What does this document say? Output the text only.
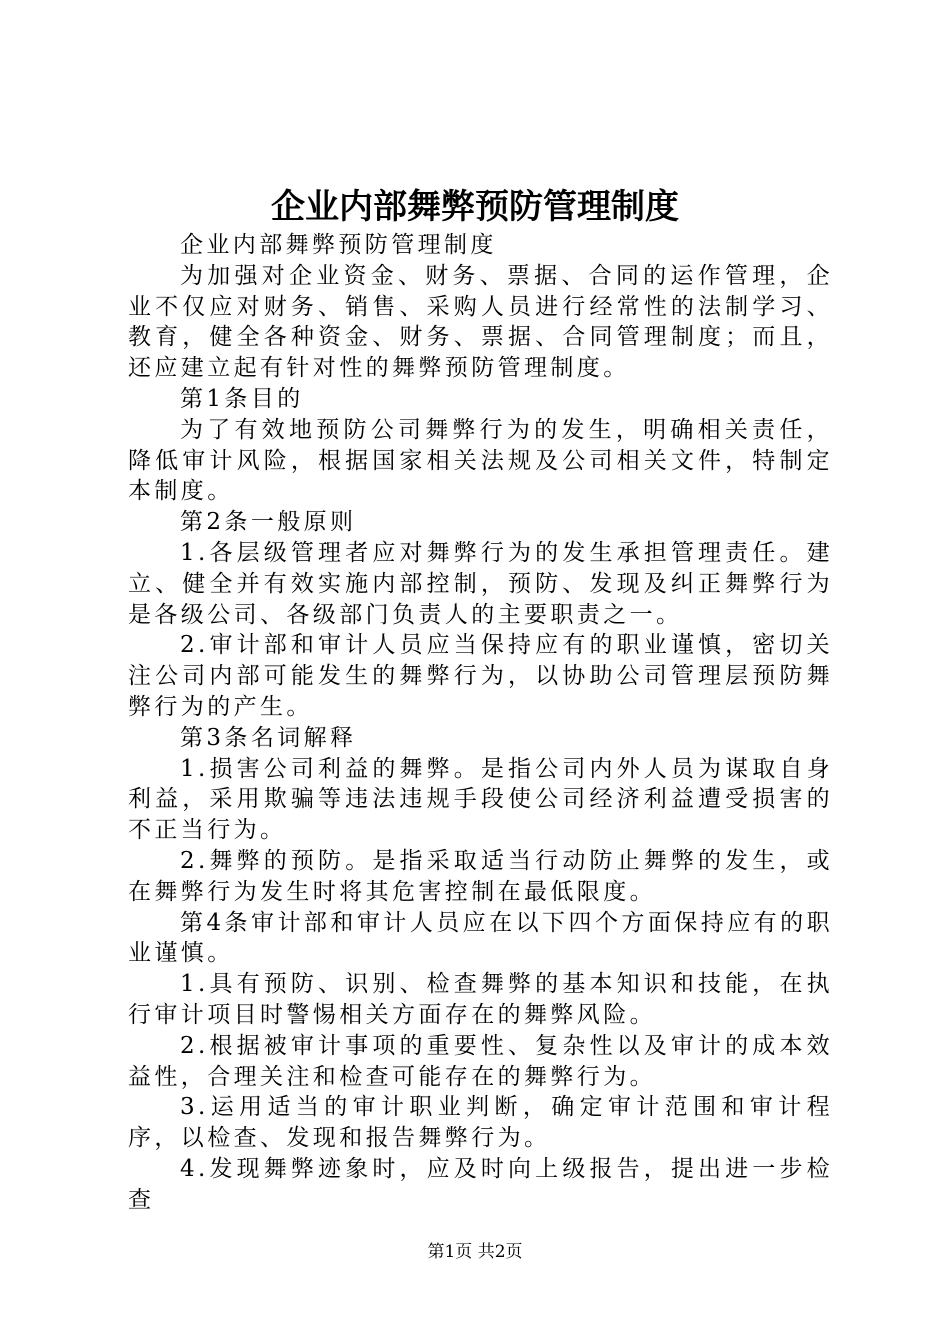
企业内部舞弊预防管理制度

企业内部舞弊预防管理制度

为加强对企业资金、财务、票据、合同的运作管理，企业不仅应对财务、销售、采购人员进行经常性的法制学习、教育，健全各种资金、财务、票据、合同管理制度；而且，还应建立起有针对性的舞弊预防管理制度。

第1条目的

为了有效地预防公司舞弊行为的发生，明确相关责任，降低审计风险，根据国家相关法规及公司相关文件，特制定本制度。

第2条一般原则

1.各层级管理者应对舞弊行为的发生承担管理责任。建立、健全并有效实施内部控制，预防、发现及纠正舞弊行为是各级公司、各级部门负责人的主要职责之一。

2.审计部和审计人员应当保持应有的职业谨慎，密切关注公司内部可能发生的舞弊行为，以协助公司管理层预防舞弊行为的产生。

第3条名词解释

1.损害公司利益的舞弊。是指公司内外人员为谋取自身利益，采用欺骗等违法违规手段使公司经济利益遭受损害的不正当行为。

2.舞弊的预防。是指采取适当行动防止舞弊的发生，或在舞弊行为发生时将其危害控制在最低限度。

第4条审计部和审计人员应在以下四个方面保持应有的职业谨慎。

1.具有预防、识别、检查舞弊的基本知识和技能，在执行审计项目时警惕相关方面存在的舞弊风险。

2.根据被审计事项的重要性、复杂性以及审计的成本效益性，合理关注和检查可能存在的舞弊行为。

3.运用适当的审计职业判断，确定审计范围和审计程序，以检查、发现和报告舞弊行为。

4.发现舞弊迹象时，应及时向上级报告，提出进一步检查

第1页 共2页
